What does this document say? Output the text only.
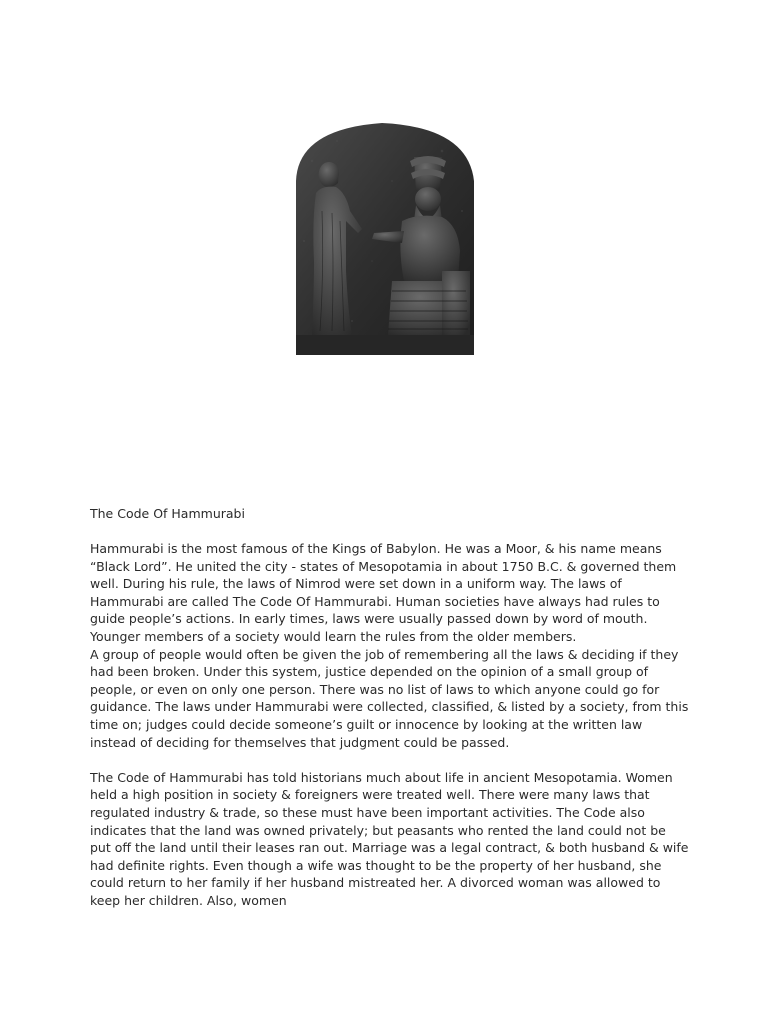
The Code Of Hammurabi

Hammurabi is the most famous of the Kings of Babylon. He was a Moor, & his name means “Black Lord”. He united the city - states of Mesopotamia in about 1750 B.C. & governed them well. During his rule, the laws of Nimrod were set down in a uniform way. The laws of Hammurabi are called The Code Of Hammurabi. Human societies have always had rules to guide people’s actions. In early times, laws were usually passed down by word of mouth. Younger members of a society would learn the rules from the older members.

A group of people would often be given the job of remembering all the laws & deciding if they had been broken. Under this system, justice depended on the opinion of a small group of people, or even on only one person. There was no list of laws to which anyone could go for guidance. The laws under Hammurabi were collected, classified, & listed by a society, from this time on; judges could decide someone’s guilt or innocence by looking at the written law instead of deciding for themselves that judgment could be passed.

The Code of Hammurabi has told historians much about life in ancient Mesopotamia. Women held a high position in society & foreigners were treated well. There were many laws that regulated industry & trade, so these must have been important activities. The Code also indicates that the land was owned privately; but peasants who rented the land could not be put off the land until their leases ran out. Marriage was a legal contract, & both husband & wife had definite rights. Even though a wife was thought to be the property of her husband, she could return to her family if her husband mistreated her. A divorced woman was allowed to keep her children. Also, women
